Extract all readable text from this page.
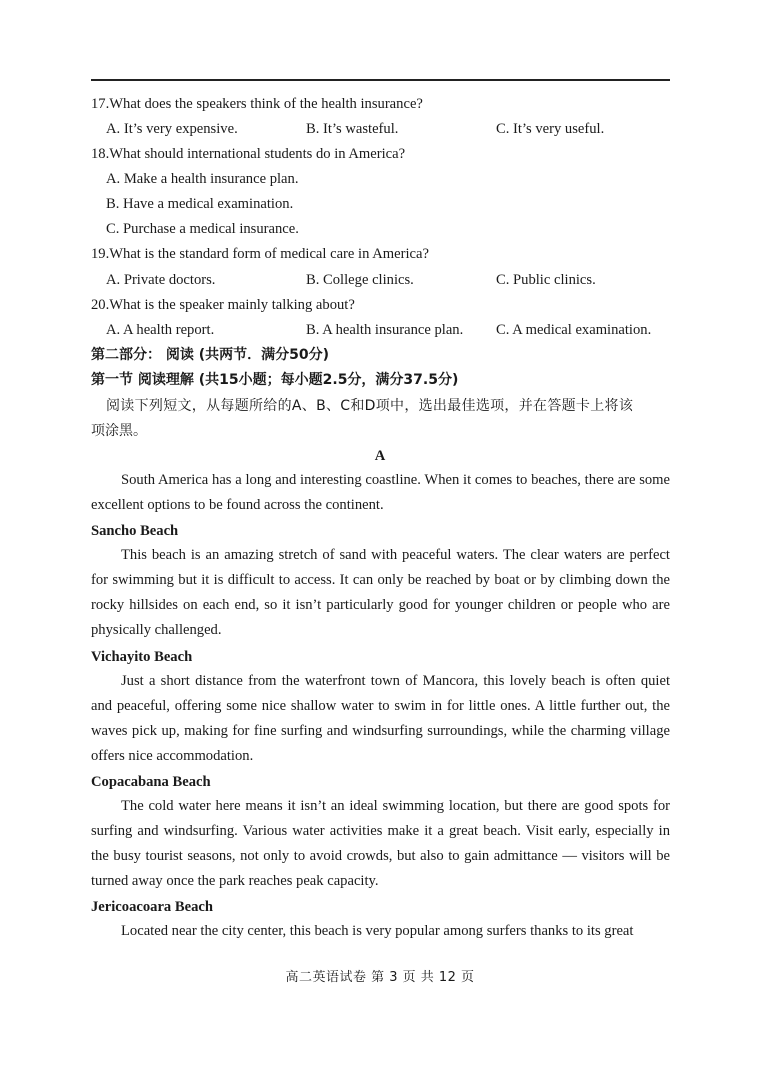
17.What does the speakers think of the health insurance?
A. It’s very expensive.	B. It’s wasteful.	C. It’s very useful.
18.What should international students do in America?
A. Make a health insurance plan.
B. Have a medical examination.
C. Purchase a medical insurance.
19.What is the standard form of medical care in America?
A. Private doctors.	B. College clinics.	C. Public clinics.
20.What is the speaker mainly talking about?
A. A health report.	B. A health insurance plan. C. A medical examination.
第二部分： 阅读 (共两节．满分50分)
第一节 阅读理解 (共15小题；每小题2.5分，满分37.5分)
阅读下列短文，从每题所给的A、B、C和D项中，选出最佳选项，并在答题卡上将该
项涂黑。
A

South America has a long and interesting coastline. When it comes to beaches, there are some excellent options to be found across the continent.

Sancho Beach

This beach is an amazing stretch of sand with peaceful waters. The clear waters are perfect for swimming but it is difficult to access. It can only be reached by boat or by climbing down the rocky hillsides on each end, so it isn’t particularly good for younger children or people who are physically challenged.

Vichayito Beach

Just a short distance from the waterfront town of Mancora, this lovely beach is often quiet and peaceful, offering some nice shallow water to swim in for little ones. A little further out, the waves pick up, making for fine surfing and windsurfing surroundings, while the charming village offers nice accommodation.

Copacabana Beach

The cold water here means it isn’t an ideal swimming location, but there are good spots for surfing and windsurfing. Various water activities make it a great beach. Visit early, especially in the busy tourist seasons, not only to avoid crowds, but also to gain admittance — visitors will be turned away once the park reaches peak capacity.

Jericoacoara Beach

Located near the city center, this beach is very popular among surfers thanks to its great

高二英语试卷 第 3 页 共 12 页
